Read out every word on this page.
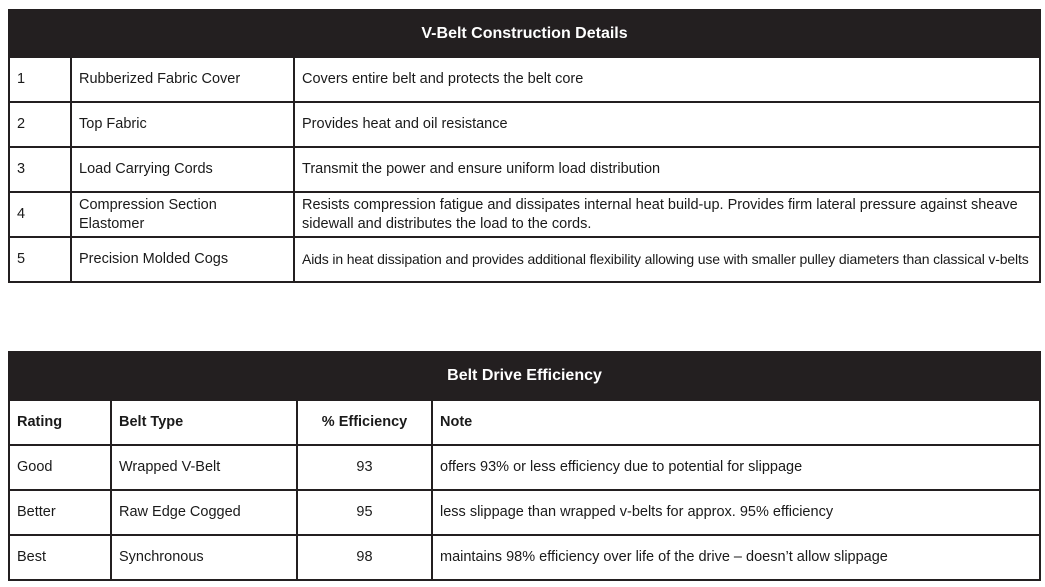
V-Belt Construction Details		
1	Rubberized Fabric Cover	Covers entire belt and protects the belt core
2	Top Fabric	Provides heat and oil resistance
3	Load Carrying Cords	Transmit the power and ensure uniform load distribution
4	Compression Section Elastomer	Resists compression fatigue and dissipates internal heat build-up. Provides firm lateral pressure against sheave sidewall and distributes the load to the cords.
5	Precision Molded Cogs	Aids in heat dissipation and provides additional flexibility allowing use with smaller pulley diameters than classical v-belts
Belt Drive Efficiency			
Rating	Belt Type	% Efficiency	Note
Good	Wrapped V-Belt	93	offers 93% or less efficiency due to potential for slippage
Better	Raw Edge Cogged	95	less slippage than wrapped v-belts for approx. 95% efficiency
Best	Synchronous	98	maintains 98% efficiency over life of the drive – doesn’t allow slippage
